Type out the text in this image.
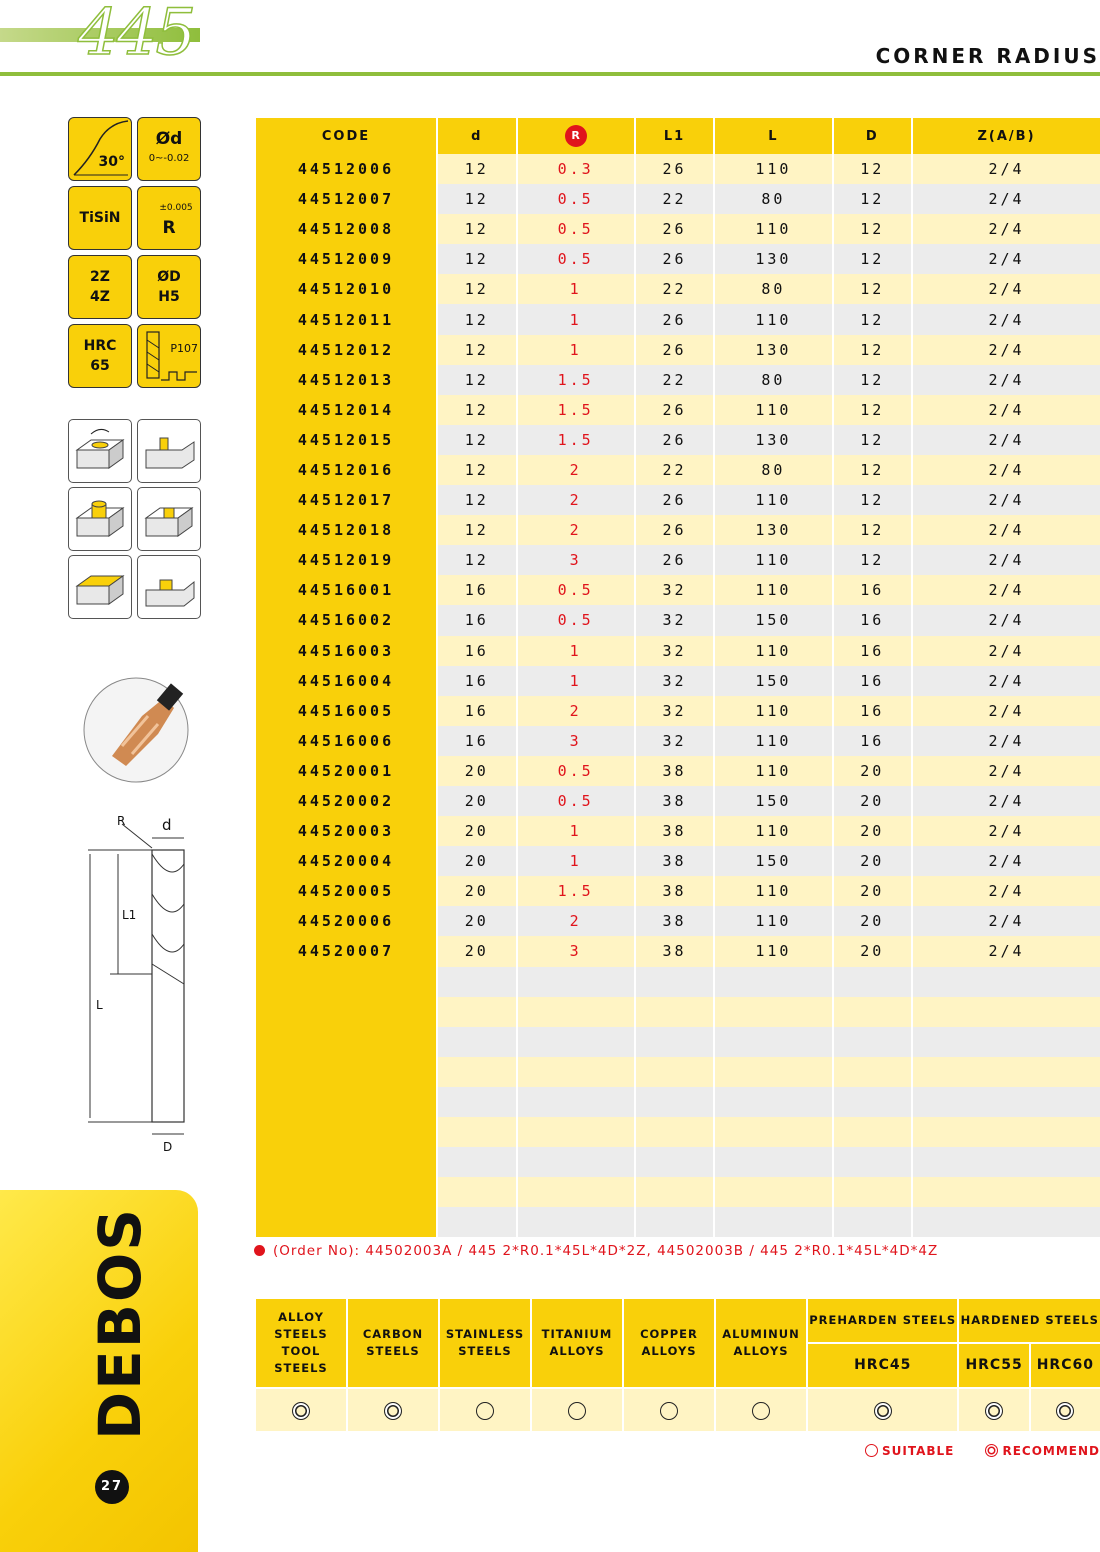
445	CORNER RADIUS
30°
Ød
0~-0.02
TiSiN
±0.005
R
2Z
4Z
ØD
H5
HRC
65
P107
R d
L1
L
D
CODE	d	R	L1	L	D	Z(A/B)
44512006	12	0.3	26	110	12	2/4
44512007	12	0.5	22	80	12	2/4
44512008	12	0.5	26	110	12	2/4
44512009	12	0.5	26	130	12	2/4
44512010	12	1	22	80	12	2/4
44512011	12	1	26	110	12	2/4
44512012	12	1	26	130	12	2/4
44512013	12	1.5	22	80	12	2/4
44512014	12	1.5	26	110	12	2/4
44512015	12	1.5	26	130	12	2/4
44512016	12	2	22	80	12	2/4
44512017	12	2	26	110	12	2/4
44512018	12	2	26	130	12	2/4
44512019	12	3	26	110	12	2/4
44516001	16	0.5	32	110	16	2/4
44516002	16	0.5	32	150	16	2/4
44516003	16	1	32	110	16	2/4
44516004	16	1	32	150	16	2/4
44516005	16	2	32	110	16	2/4
44516006	16	3	32	110	16	2/4
44520001	20	0.5	38	110	20	2/4
44520002	20	0.5	38	150	20	2/4
44520003	20	1	38	110	20	2/4
44520004	20	1	38	150	20	2/4
44520005	20	1.5	38	110	20	2/4
44520006	20	2	38	110	20	2/4
44520007	20	3	38	110	20	2/4

(Order No): 44502003A / 445 2*R0.1*45L*4D*2Z, 44502003B / 445 2*R0.1*45L*4D*4Z
ALLOY STEELS TOOL STEELS	CARBON STEELS	STAINLESS STEELS	TITANIUM ALLOYS	COPPER ALLOYS	ALUMINUN ALLOYS	PREHARDEN STEELS	HARDENED STEELS	
						HRC45	HRC55	HRC60

SUITABLE	RECOMMEND
DEBOS
27
